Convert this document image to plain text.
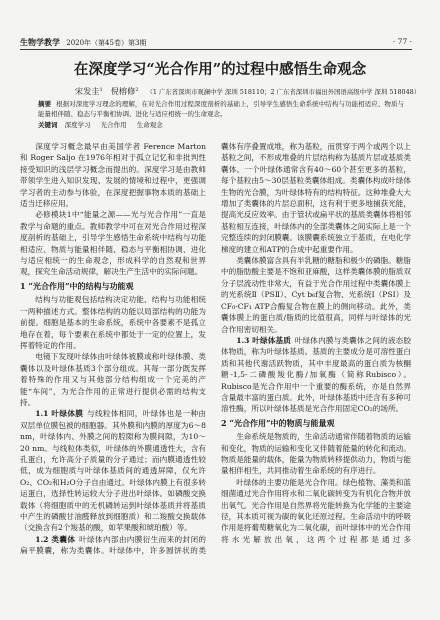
生物学教学 2020年（第45卷）第3期	· 77 ·
在深度学习“光合作用”的过程中感悟生命观念
宋发圭$^1$ 倪榕修$^2$ （1 广东省深圳市观澜中学 深圳 518110；2 广东省深圳市福田外国语高级中学 深圳 518048）
摘要 根据对深度学习理念的理解，在对光合作用过程深度剖析的基础上，引导学生感悟生命系统中结构与功能相适应、物质与能量相伴随、稳态与平衡相协调、进化与适应相统一的生命观念。
关键词 深度学习 光合作用 生命观念

深度学习概念最早由美国学者 Ference Marton 和 Roger Saljo 在1976年相对于孤立记忆和非批判性接受知识的浅层学习概念而提出的。深度学习是由教师带领学生进入知识发现、发展的情境和过程中，更强调学习者的主动参与体验，在深度把握事物本质的基础上适当迁移应用。

必修模块1中“能量之源——光与光合作用”一直是教学与命题的重点。教师教学中可在对光合作用过程深度剖析的基础上，引导学生感悟生命系统中结构与功能相适应、物质与能量相伴随、稳态与平衡相协调、进化与适应相统一的生命观念，形成科学的自然观和世界观，探究生命活动规律，解决生产生活中的实际问题。

1 “光合作用”中的结构与功能观

结构与功能观包括结构决定功能、结构与功能相统一两种描述方式。整体结构的功能以局部结构的功能为前提。细胞是基本的生命系统，系统中各要素不是孤立地存在着，每个要素在系统中都处于一定的位置上，发挥着特定的作用。

电镜下发现叶绿体由叶绿体被膜或称叶绿体膜、类囊体以及叶绿体基质3个部分组成。其每一部分既发挥着特殊的作用又与其他部分结构组成一个完美的产能“车间”，为光合作用的正常进行提供必需的结构支持。

1.1 叶绿体膜 与线粒体相同，叶绿体也是一种由双层单位膜包被的细胞器。其外膜和内膜的厚度为6～8 nm，叶绿体内、外膜之间的腔隙称为膜间隙，为10～20 nm。与线粒体类似，叶绿体的外膜通透性大，含有孔蛋白，允许高分子质量的分子通过；而内膜通透性较低，成为细胞质与叶绿体基质间的通透屏障，仅允许O₂、CO₂和H₂O分子自由通过。叶绿体内膜上有很多转运蛋白，选择性转运较大分子进出叶绿体。如磷酸交换载体（将细胞质中的无机磷转运到叶绿体基质并将基质中产生的磷酸甘油醛释放到细胞质）和二羧酸交换载体（交换含有2个羧基的酸，如苹果酸和琥珀酸）等。

1.2 类囊体 叶绿体内部由内膜衍生而来的封闭的扁平膜囊，称为类囊体。叶绿体中，许多圆饼状的类

囊体有序叠置成堆，称为基粒，而贯穿于两个或两个以上基粒之间，不形成堆叠的片层结构称为基质片层或基质类囊体。一个叶绿体通常含有40～60个甚至更多的基粒，每个基粒由5～30层基粒类囊体组成。类囊体构成叶绿体生物的光合膜，为叶绿体特有的结构特征。这种堆叠大大增加了类囊体的片层总面积，这有利于更多地捕获光能，提高光反应效率。由于管状或扁平状的基质类囊体将相邻基粒相互连接，叶绿体内的全部类囊体之间实际上是一个完整连续的封闭膜囊。该膜囊系统独立于基质，在电化学梯度的建立和ATP的合成中起重要作用。

类囊体膜富含具有半乳糖的糖脂和极少的磷脂。糖脂中的脂肪酸主要是不饱和亚麻酸，这样类囊体膜的脂质双分子层流动性非常大，有益于光合作用过程中类囊体膜上的光系统Ⅱ（PSⅡ）、Cyt b₆f复合物、光系统Ⅰ（PSⅠ）及CF₀-CF₁ ATP合酶复合物在膜上的侧向移动。此外，类囊体膜上的蛋白质/脂质的比值很高，同样与叶绿体的光合作用密切相关。

1.3 叶绿体基质 叶绿体内膜与类囊体之间的液态胶体物质，称为叶绿体基质。基质的主要成分是可溶性蛋白质和其他代谢活跃物质，其中丰度最高的蛋白质为核酮糖-1,5-二磷酸羧化酶/加氧酶（简称Rubisco）。Rubisco是光合作用中一个重要的酶系统，亦是自然界含量最丰富的蛋白质。此外，叶绿体基质中还含有多种可溶性酶，所以叶绿体基质是光合作用固定CO₂的场所。

2 “光合作用”中的物质与能量观

生命系统是物质的，生命活动通常伴随着物质的运输和变化，物质的运输和变化又伴随着能量的转化和流动。物质是能量的载体，能量为物质转移提供动力，物质与能量相伴相生，共同推动着生命系统的有序进行。

叶绿体的主要功能是光合作用。绿色植物、藻类和蓝细菌通过光合作用将水和二氧化碳转变为有机化合物并放出氧气。光合作用是自然界将光能转换为化学能的主要途径，其本质可视为碳的氧化还原过程。生命活动中的呼吸作用是将葡萄糖氧化为二氧化碳，而叶绿体中的光合作用将水光解放出氧，这两个过程都是通过多
